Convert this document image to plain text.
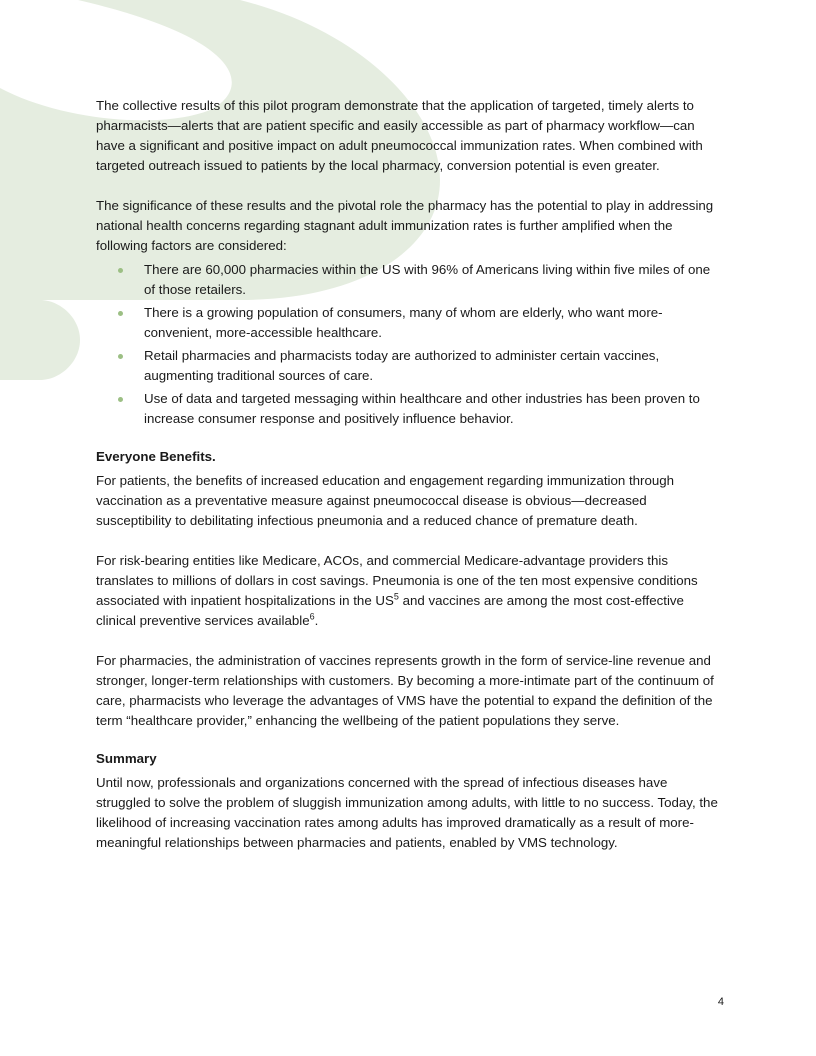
The collective results of this pilot program demonstrate that the application of targeted, timely alerts to pharmacists—alerts that are patient specific and easily accessible as part of pharmacy workflow—can have a significant and positive impact on adult pneumococcal immunization rates. When combined with targeted outreach issued to patients by the local pharmacy, conversion potential is even greater.

The significance of these results and the pivotal role the pharmacy has the potential to play in addressing national health concerns regarding stagnant adult immunization rates is further amplified when the following factors are considered:

There are 60,000 pharmacies within the US with 96% of Americans living within five miles of one of those retailers.
There is a growing population of consumers, many of whom are elderly, who want more-convenient, more-accessible healthcare.
Retail pharmacies and pharmacists today are authorized to administer certain vaccines, augmenting traditional sources of care.
Use of data and targeted messaging within healthcare and other industries has been proven to increase consumer response and positively influence behavior.
Everyone Benefits.

For patients, the benefits of increased education and engagement regarding immunization through vaccination as a preventative measure against pneumococcal disease is obvious—decreased susceptibility to debilitating infectious pneumonia and a reduced chance of premature death.

For risk-bearing entities like Medicare, ACOs, and commercial Medicare-advantage providers this translates to millions of dollars in cost savings. Pneumonia is one of the ten most expensive conditions associated with inpatient hospitalizations in the $US^5$ and vaccines are among the most cost-effective clinical preventive services available$^6$.

For pharmacies, the administration of vaccines represents growth in the form of service-line revenue and stronger, longer-term relationships with customers. By becoming a more-intimate part of the continuum of care, pharmacists who leverage the advantages of VMS have the potential to expand the definition of the term “healthcare provider,” enhancing the wellbeing of the patient populations they serve.

Summary

Until now, professionals and organizations concerned with the spread of infectious diseases have struggled to solve the problem of sluggish immunization among adults, with little to no success. Today, the likelihood of increasing vaccination rates among adults has improved dramatically as a result of more-meaningful relationships between pharmacies and patients, enabled by VMS technology.

4
